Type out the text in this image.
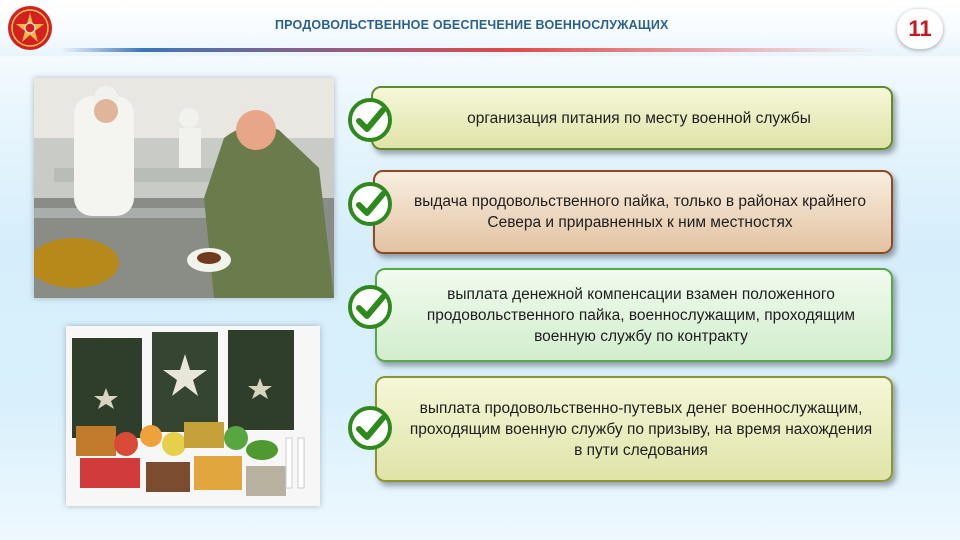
ПРОДОВОЛЬСТВЕННОЕ ОБЕСПЕЧЕНИЕ ВОЕННОСЛУЖАЩИХ	11
организация питания по месту военной службы
выдача продовольственного пайка, только в районах крайнего Севера и приравненных к ним местностях
выплата денежной компенсации взамен положенного продовольственного пайка, военнослужащим, проходящим военную службу по контракту
выплата продовольственно-путевых денег военнослужащим, проходящим военную службу по призыву, на время нахождения в пути следования
